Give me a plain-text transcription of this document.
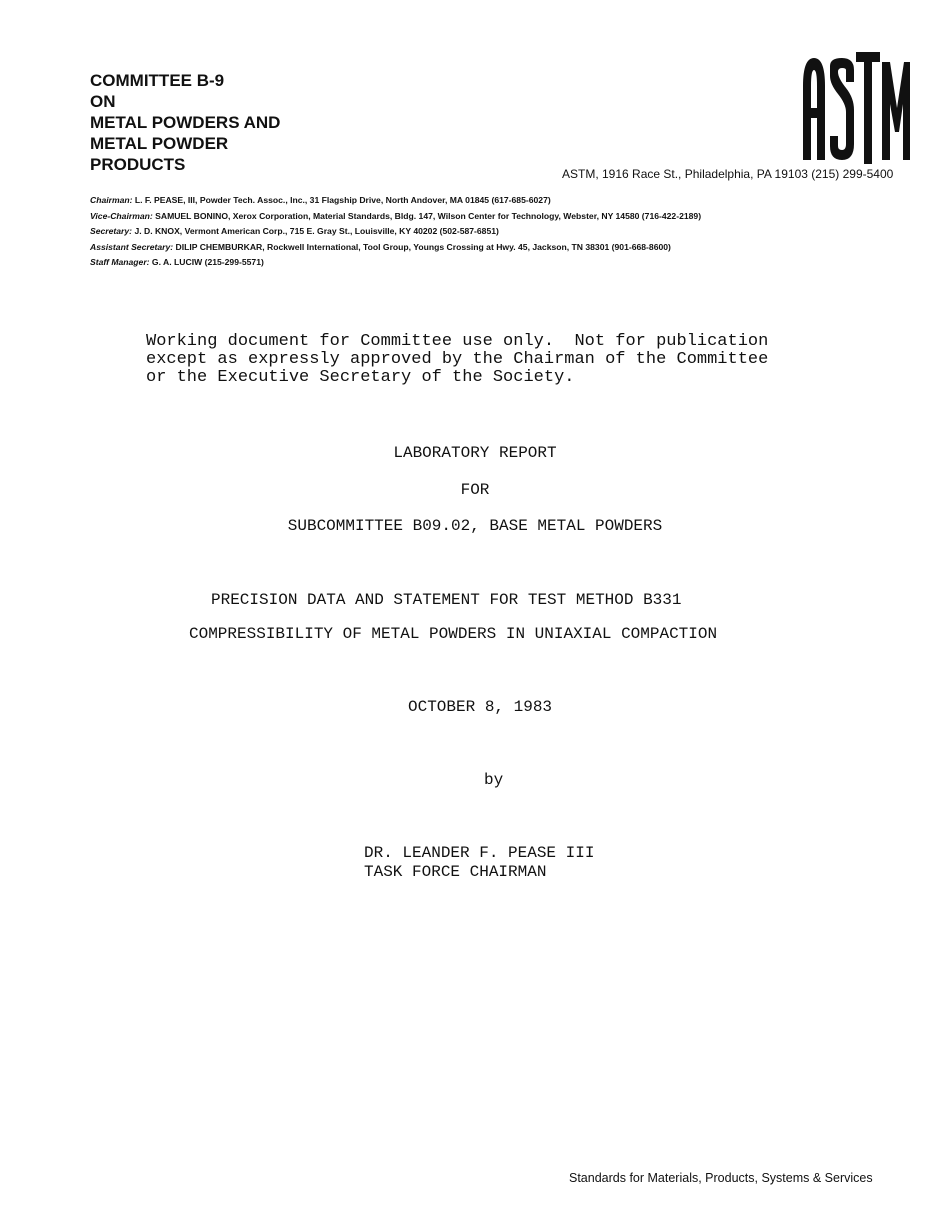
COMMITTEE B-9
ON
METAL POWDERS AND
METAL POWDER
PRODUCTS	ASTM, 1916 Race St., Philadelphia, PA 19103 (215) 299-5400
Chairman: L. F. PEASE, III, Powder Tech. Assoc., Inc., 31 Flagship Drive, North Andover, MA 01845 (617-685-6027)
Vice-Chairman: SAMUEL BONINO, Xerox Corporation, Material Standards, Bldg. 147, Wilson Center for Technology, Webster, NY 14580 (716-422-2189)
Secretary: J. D. KNOX, Vermont American Corp., 715 E. Gray St., Louisville, KY 40202 (502-587-6851)
Assistant Secretary: DILIP CHEMBURKAR, Rockwell International, Tool Group, Youngs Crossing at Hwy. 45, Jackson, TN 38301 (901-668-8600)
Staff Manager: G. A. LUCIW (215-299-5571)
Working document for Committee use only.  Not for publication
except as expressly approved by the Chairman of the Committee
or the Executive Secretary of the Society.
LABORATORY REPORT
FOR
SUBCOMMITTEE B09.02, BASE METAL POWDERS
PRECISION DATA AND STATEMENT FOR TEST METHOD B331
COMPRESSIBILITY OF METAL POWDERS IN UNIAXIAL COMPACTION
OCTOBER 8, 1983
by
DR. LEANDER F. PEASE III
TASK FORCE CHAIRMAN
Standards for Materials, Products, Systems & Services
